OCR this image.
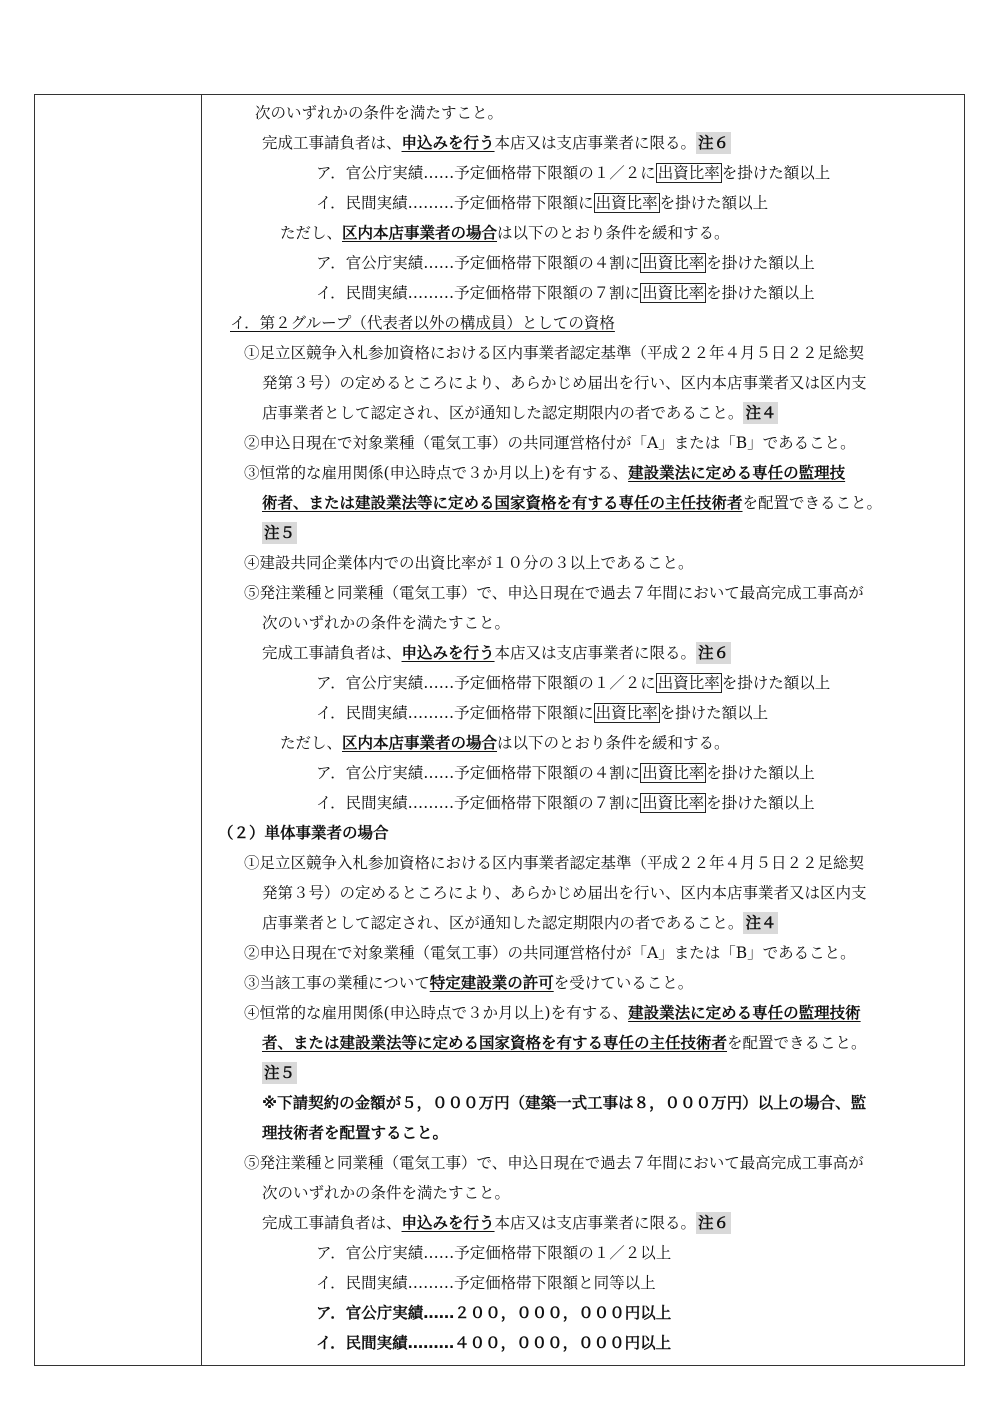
次のいずれかの条件を満たすこと。
完成工事請負者は、申込みを行う本店又は支店事業者に限る。 注６
ア．官公庁実績……予定価格帯下限額の１／２に 出資比率 を掛けた額以上
イ．民間実績………予定価格帯下限額に 出資比率 を掛けた額以上
ただし、区内本店事業者の場合は以下のとおり条件を緩和する。
ア．官公庁実績……予定価格帯下限額の４割に 出資比率 を掛けた額以上
イ．民間実績………予定価格帯下限額の７割に 出資比率 を掛けた額以上
イ．第２グループ（代表者以外の構成員）としての資格
①足立区競争入札参加資格における区内事業者認定基準（平成２２年４月５日２２足総契
発第３号）の定めるところにより、あらかじめ届出を行い、区内本店事業者又は区内支
店事業者として認定され、区が通知した認定期限内の者であること。 注４
②申込日現在で対象業種（電気工事）の共同運営格付が「A」または「B」であること。
③恒常的な雇用関係(申込時点で３か月以上)を有する、建設業法に定める専任の監理技
術者、または建設業法等に定める国家資格を有する専任の主任技術者を配置できること。
注５
④建設共同企業体内での出資比率が１０分の３以上であること。
⑤発注業種と同業種（電気工事）で、申込日現在で過去７年間において最高完成工事高が
次のいずれかの条件を満たすこと。
完成工事請負者は、申込みを行う本店又は支店事業者に限る。 注６
ア．官公庁実績……予定価格帯下限額の１／２に 出資比率 を掛けた額以上
イ．民間実績………予定価格帯下限額に 出資比率 を掛けた額以上
ただし、区内本店事業者の場合は以下のとおり条件を緩和する。
ア．官公庁実績……予定価格帯下限額の４割に 出資比率 を掛けた額以上
イ．民間実績………予定価格帯下限額の７割に 出資比率 を掛けた額以上
（２）単体事業者の場合
①足立区競争入札参加資格における区内事業者認定基準（平成２２年４月５日２２足総契
発第３号）の定めるところにより、あらかじめ届出を行い、区内本店事業者又は区内支
店事業者として認定され、区が通知した認定期限内の者であること。 注４
②申込日現在で対象業種（電気工事）の共同運営格付が「A」または「B」であること。
③当該工事の業種について特定建設業の許可を受けていること。
④恒常的な雇用関係(申込時点で３か月以上)を有する、建設業法に定める専任の監理技術
者、または建設業法等に定める国家資格を有する専任の主任技術者を配置できること。
注５
※下請契約の金額が５，０００万円（建築一式工事は８，０００万円）以上の場合、監
理技術者を配置すること。
⑤発注業種と同業種（電気工事）で、申込日現在で過去７年間において最高完成工事高が
次のいずれかの条件を満たすこと。
完成工事請負者は、申込みを行う本店又は支店事業者に限る。 注６
ア．官公庁実績……予定価格帯下限額の１／２以上
イ．民間実績………予定価格帯下限額と同等以上
ア．官公庁実績……２００，０００，０００円以上
イ．民間実績………４００，０００，０００円以上
